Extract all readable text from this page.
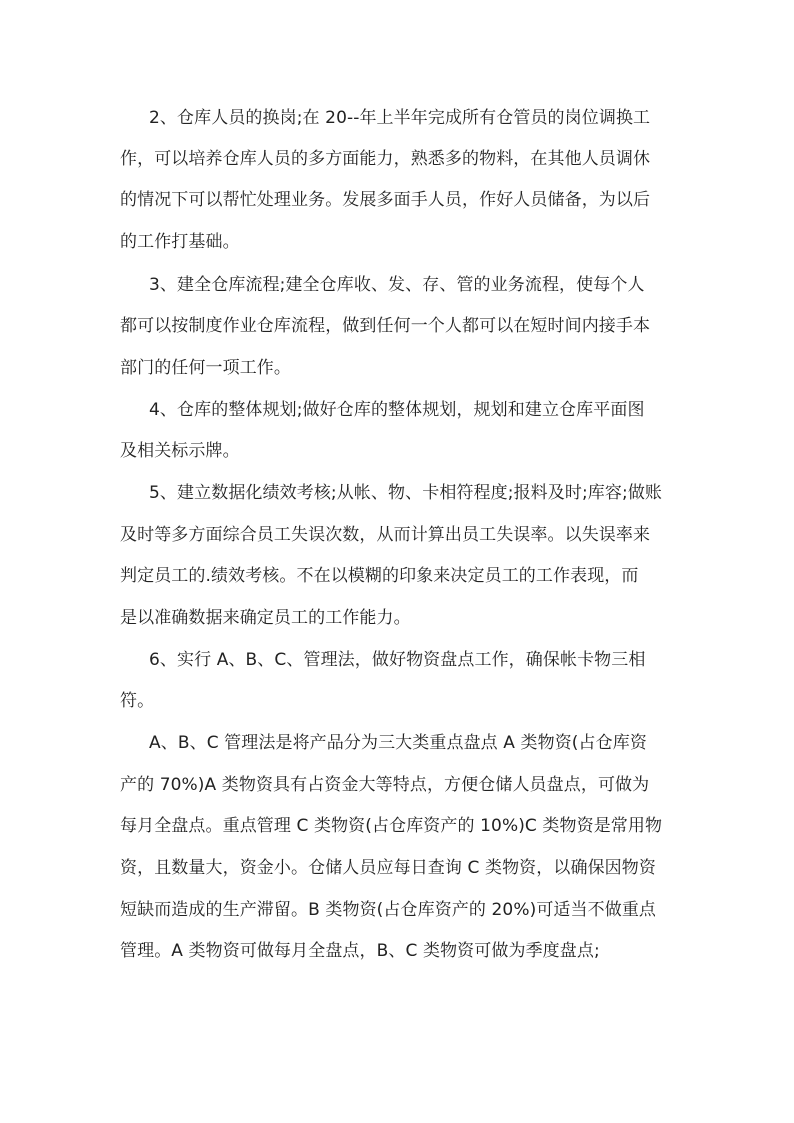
2、仓库人员的换岗;在 20--年上半年完成所有仓管员的岗位调换工
作，可以培养仓库人员的多方面能力，熟悉多的物料，在其他人员调休
的情况下可以帮忙处理业务。发展多面手人员，作好人员储备，为以后
的工作打基础。
3、建全仓库流程;建全仓库收、发、存、管的业务流程，使每个人
都可以按制度作业仓库流程，做到任何一个人都可以在短时间内接手本
部门的任何一项工作。
4、仓库的整体规划;做好仓库的整体规划，规划和建立仓库平面图
及相关标示牌。
5、建立数据化绩效考核;从帐、物、卡相符程度;报料及时;库容;做账
及时等多方面综合员工失误次数，从而计算出员工失误率。以失误率来
判定员工的.绩效考核。不在以模糊的印象来决定员工的工作表现，而
是以准确数据来确定员工的工作能力。
6、实行 A、B、C、管理法，做好物资盘点工作，确保帐卡物三相
符。
A、B、C 管理法是将产品分为三大类重点盘点 A 类物资(占仓库资
产的 70%)A 类物资具有占资金大等特点，方便仓储人员盘点，可做为
每月全盘点。重点管理 C 类物资(占仓库资产的 10%)C 类物资是常用物
资，且数量大，资金小。仓储人员应每日查询 C 类物资，以确保因物资
短缺而造成的生产滞留。B 类物资(占仓库资产的 20%)可适当不做重点
管理。A 类物资可做每月全盘点，B、C 类物资可做为季度盘点;
